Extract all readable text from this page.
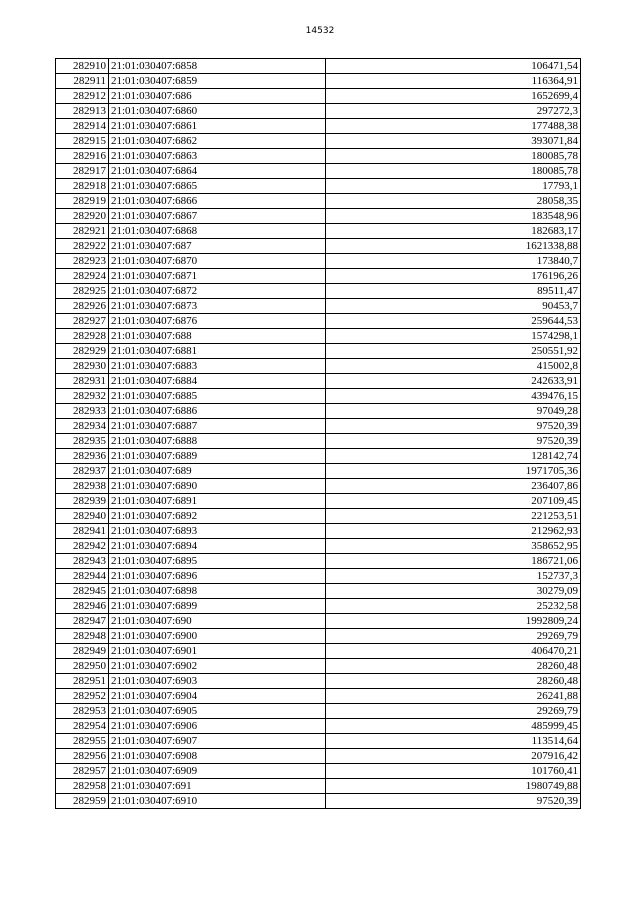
14532
282910	21:01:030407:6858	106471,54
282911	21:01:030407:6859	116364,91
282912	21:01:030407:686	1652699,4
282913	21:01:030407:6860	297272,3
282914	21:01:030407:6861	177488,38
282915	21:01:030407:6862	393071,84
282916	21:01:030407:6863	180085,78
282917	21:01:030407:6864	180085,78
282918	21:01:030407:6865	17793,1
282919	21:01:030407:6866	28058,35
282920	21:01:030407:6867	183548,96
282921	21:01:030407:6868	182683,17
282922	21:01:030407:687	1621338,88
282923	21:01:030407:6870	173840,7
282924	21:01:030407:6871	176196,26
282925	21:01:030407:6872	89511,47
282926	21:01:030407:6873	90453,7
282927	21:01:030407:6876	259644,53
282928	21:01:030407:688	1574298,1
282929	21:01:030407:6881	250551,92
282930	21:01:030407:6883	415002,8
282931	21:01:030407:6884	242633,91
282932	21:01:030407:6885	439476,15
282933	21:01:030407:6886	97049,28
282934	21:01:030407:6887	97520,39
282935	21:01:030407:6888	97520,39
282936	21:01:030407:6889	128142,74
282937	21:01:030407:689	1971705,36
282938	21:01:030407:6890	236407,86
282939	21:01:030407:6891	207109,45
282940	21:01:030407:6892	221253,51
282941	21:01:030407:6893	212962,93
282942	21:01:030407:6894	358652,95
282943	21:01:030407:6895	186721,06
282944	21:01:030407:6896	152737,3
282945	21:01:030407:6898	30279,09
282946	21:01:030407:6899	25232,58
282947	21:01:030407:690	1992809,24
282948	21:01:030407:6900	29269,79
282949	21:01:030407:6901	406470,21
282950	21:01:030407:6902	28260,48
282951	21:01:030407:6903	28260,48
282952	21:01:030407:6904	26241,88
282953	21:01:030407:6905	29269,79
282954	21:01:030407:6906	485999,45
282955	21:01:030407:6907	113514,64
282956	21:01:030407:6908	207916,42
282957	21:01:030407:6909	101760,41
282958	21:01:030407:691	1980749,88
282959	21:01:030407:6910	97520,39
